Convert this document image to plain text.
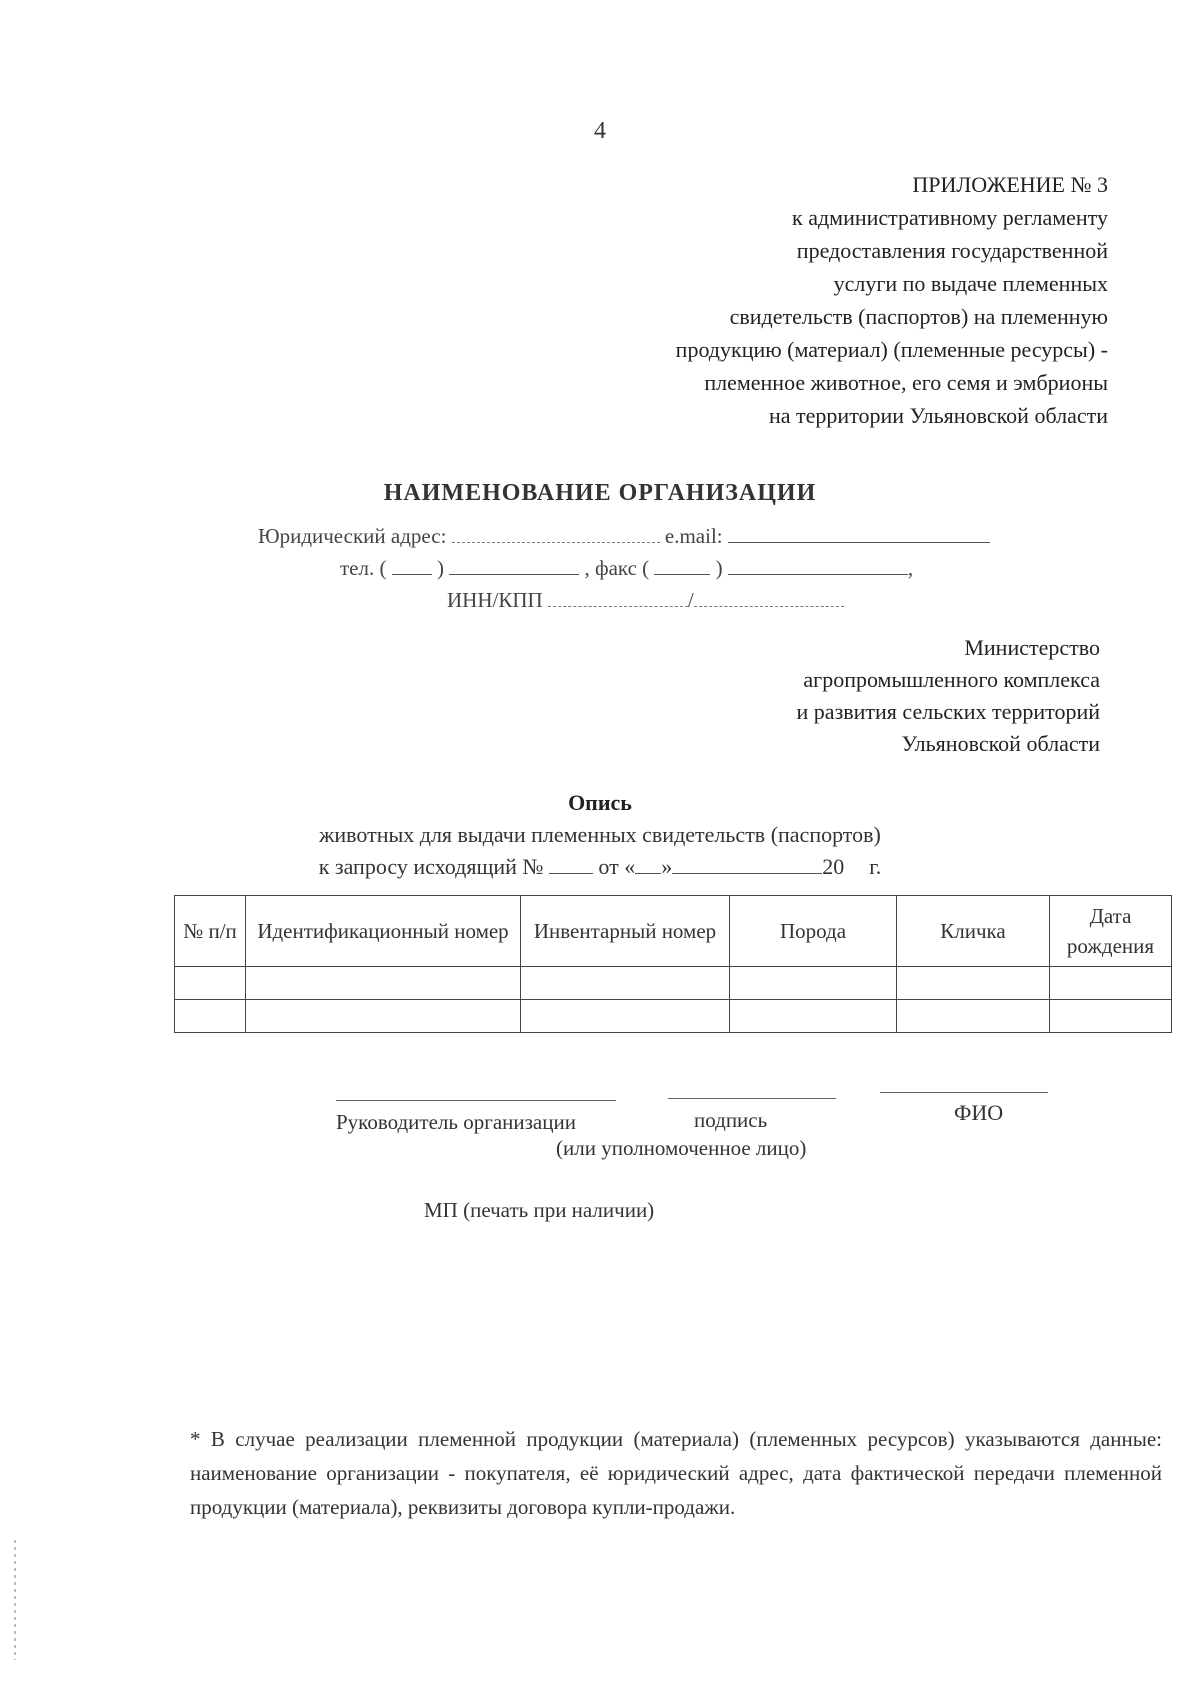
4
ПРИЛОЖЕНИЕ № 3
к административному регламенту
предоставления государственной
услуги по выдаче племенных
свидетельств (паспортов) на племенную
продукцию (материал) (племенные ресурсы) -
племенное животное, его семя и эмбрионы
на территории Ульяновской области
НАИМЕНОВАНИЕ ОРГАНИЗАЦИИ
Юридический адрес:	e.mail:
тел. ( )	, факс (	)	,
ИНН/КПП	/
Министерство
агропромышленного комплекса
и развития сельских территорий
Ульяновской области
Опись
животных для выдачи племенных свидетельств (паспортов)
к запросу исходящий №	от « »	20 г.
№ п/п	Идентификационный номер	Инвентарный номер	Порода	Кличка	Дата рождения

Руководитель организации	подпись	ФИО
(или уполномоченное лицо)
МП (печать при наличии)
* В случае реализации племенной продукции (материала) (племенных ресурсов) указываются данные: наименование организации - покупателя, её юридический адрес, дата фактической передачи племенной продукции (материала), реквизиты договора купли-продажи.
